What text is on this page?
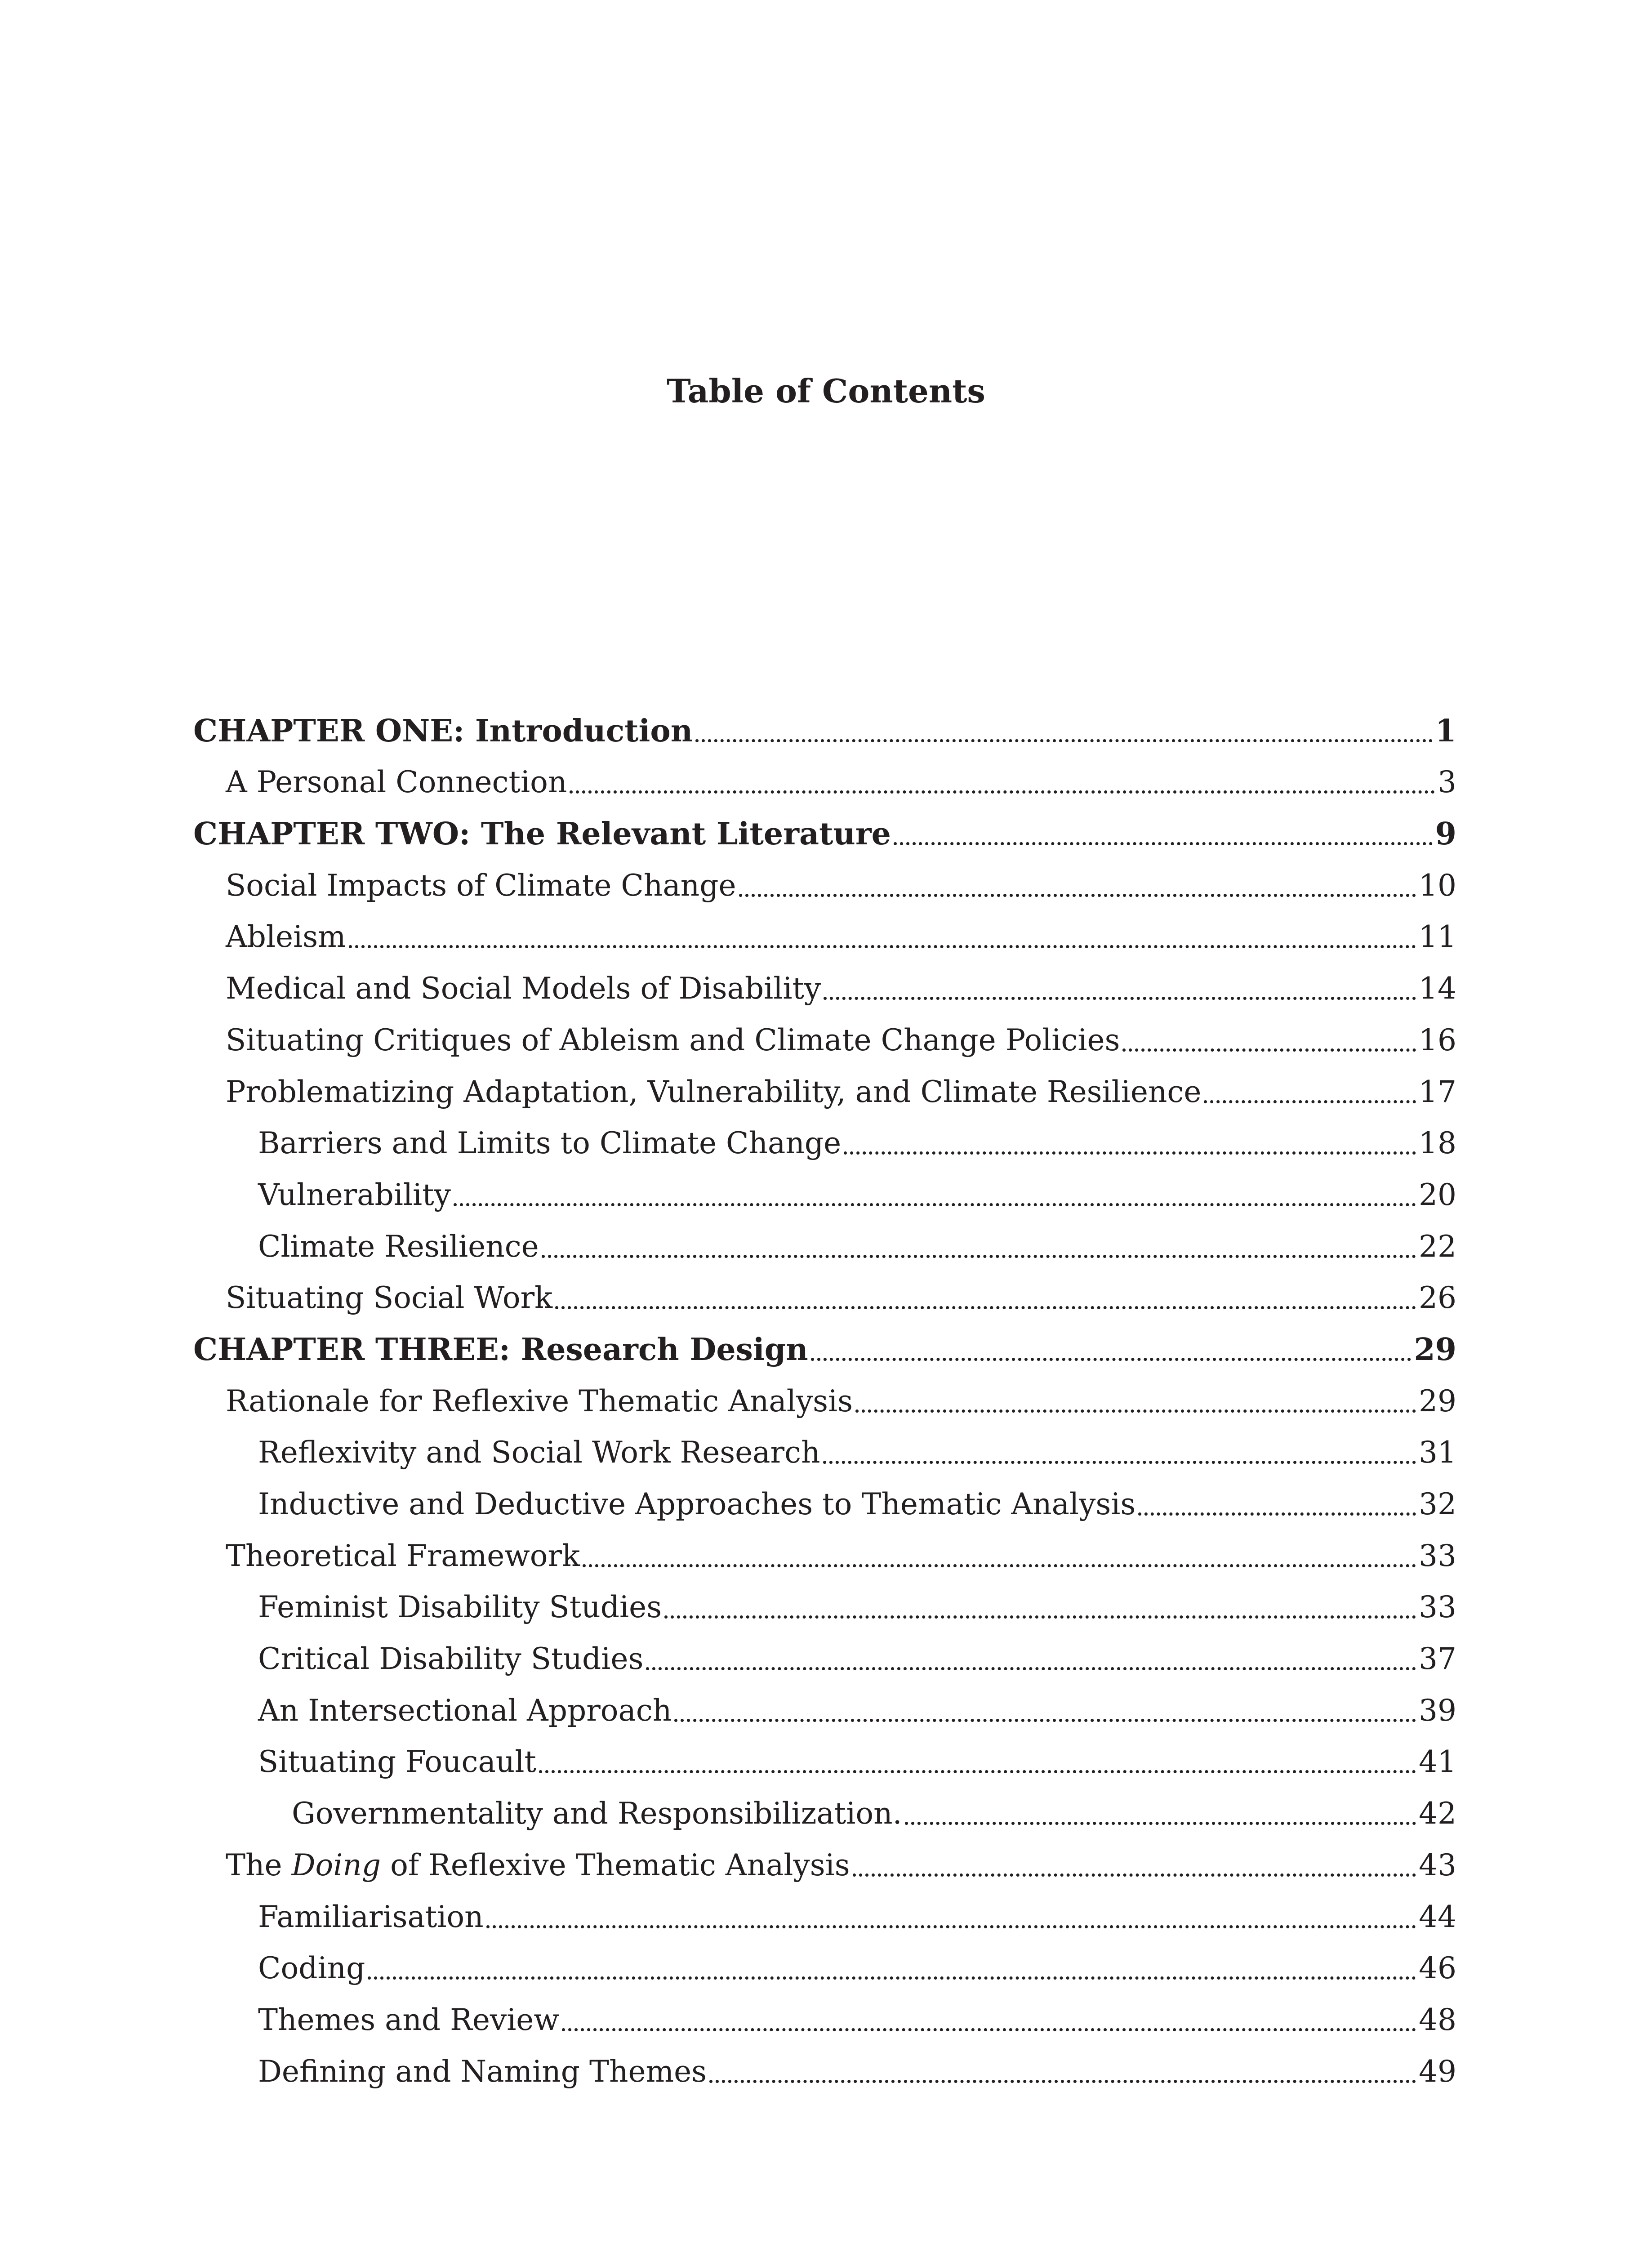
Table of Contents
CHAPTER ONE: Introduction	1
A Personal Connection	3
CHAPTER TWO: The Relevant Literature	9
Social Impacts of Climate Change	10
Ableism	11
Medical and Social Models of Disability	14
Situating Critiques of Ableism and Climate Change Policies	16
Problematizing Adaptation, Vulnerability, and Climate Resilience	17
Barriers and Limits to Climate Change	18
Vulnerability	20
Climate Resilience	22
Situating Social Work	26
CHAPTER THREE: Research Design	29
Rationale for Reflexive Thematic Analysis	29
Reflexivity and Social Work Research	31
Inductive and Deductive Approaches to Thematic Analysis	32
Theoretical Framework	33
Feminist Disability Studies	33
Critical Disability Studies	37
An Intersectional Approach	39
Situating Foucault	41
Governmentality and Responsibilization.	42
The Doing of Reflexive Thematic Analysis	43
Familiarisation	44
Coding	46
Themes and Review	48
Defining and Naming Themes	49
